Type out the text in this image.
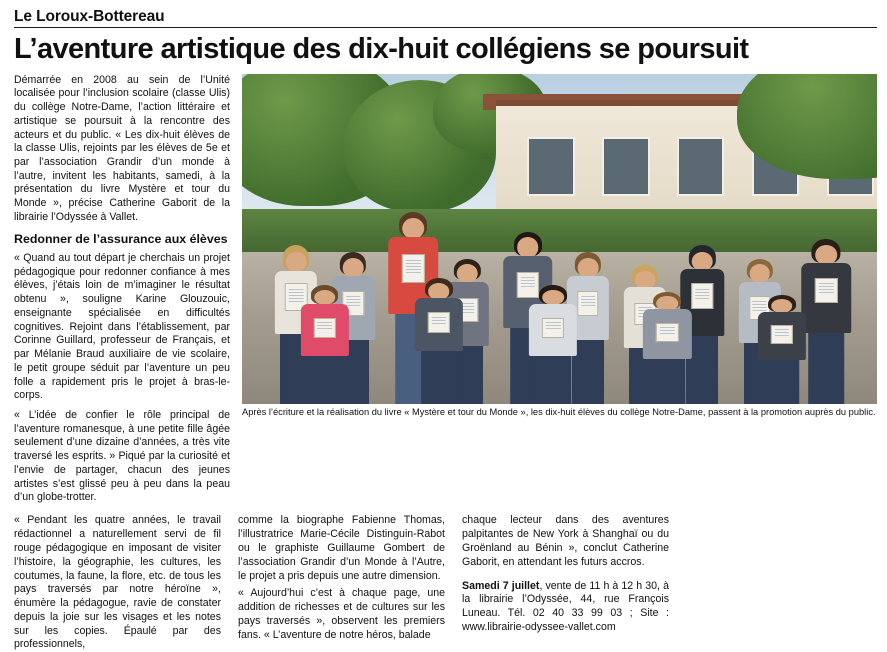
Le Loroux-Bottereau
L’aventure artistique des dix-huit collégiens se poursuit

Démarrée en 2008 au sein de l’Unité localisée pour l’inclusion scolaire (classe Ulis) du collège Notre-Dame, l’action littéraire et artistique se poursuit à la rencontre des acteurs et du public. « Les dix-huit élèves de la classe Ulis, rejoints par les élèves de 5e et par l’association Grandir d’un monde à l’autre, invitent les habitants, samedi, à la présentation du livre Mystère et tour du Monde », précise Catherine Gaborit de la librairie l’Odyssée à Vallet.

Redonner de l’assurance aux élèves

« Quand au tout départ je cherchais un projet pédagogique pour redonner confiance à mes élèves, j’étais loin de m’imaginer le résultat obtenu », souligne Karine Glouzouic, enseignante spécialisée en difficultés cognitives. Rejoint dans l’établissement, par Corinne Guillard, professeur de Français, et par Mélanie Braud auxiliaire de vie scolaire, le petit groupe séduit par l’aventure un peu folle a rapidement pris le projet à bras-le-corps.

« L’idée de confier le rôle principal de l’aventure romanesque, à une petite fille âgée seulement d’une dizaine d’années, a très vite traversé les esprits. » Piqué par la curiosité et l’envie de partager, chacun des jeunes artistes s’est glissé peu à peu dans la peau d’un globe-trotter.

Après l’écriture et la réalisation du livre « Mystère et tour du Monde », les dix-huit élèves du collège Notre-Dame, passent à la promotion auprès du public.

« Pendant les quatre années, le travail rédactionnel a naturellement servi de fil rouge pédagogique en imposant de visiter l’histoire, la géographie, les cultures, les coutumes, la faune, la flore, etc. de tous les pays traversés par notre héroïne », énumère la pédagogue, ravie de constater depuis la joie sur les visages et les notes sur les copies. Épaulé par des professionnels,

comme la biographe Fabienne Thomas, l’illustratrice Marie-Cécile Distinguin-Rabot ou le graphiste Guillaume Gombert de l’association Grandir d’un Monde à l’Autre, le projet a pris depuis une autre dimension.

« Aujourd’hui c’est à chaque page, une addition de richesses et de cultures sur les pays traversés », observent les premiers fans. « L’aventure de notre héros, balade

chaque lecteur dans des aventures palpitantes de New York à Shanghaï ou du Groënland au Bénin », conclut Catherine Gaborit, en attendant les futurs accros.

Samedi 7 juillet, vente de 11 h à 12 h 30, à la librairie l’Odyssée, 44, rue François Luneau. Tél. 02 40 33 99 03 ; Site : www.librairie-odyssee-vallet.com
